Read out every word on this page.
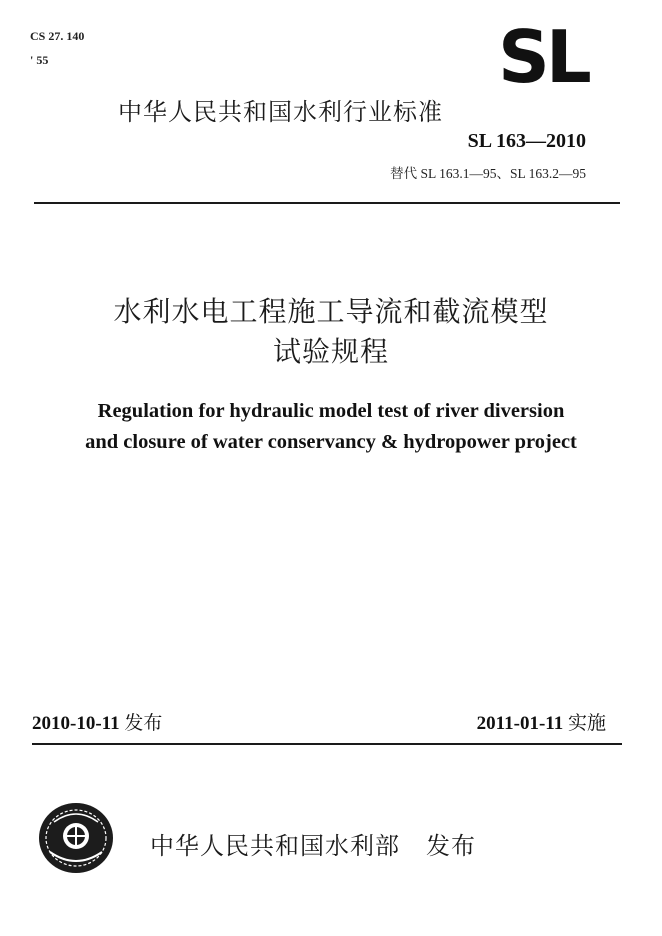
CS 27. 140
' 55	SL
中华人民共和国水利行业标准
SL 163—2010
替代 SL 163.1—95、SL 163.2—95
水利水电工程施工导流和截流模型
试验规程
Regulation for hydraulic model test of river diversion
and closure of water conservancy & hydropower project
2010-10-11 发布	2011-01-11 实施
中华人民共和国水利部 发布
